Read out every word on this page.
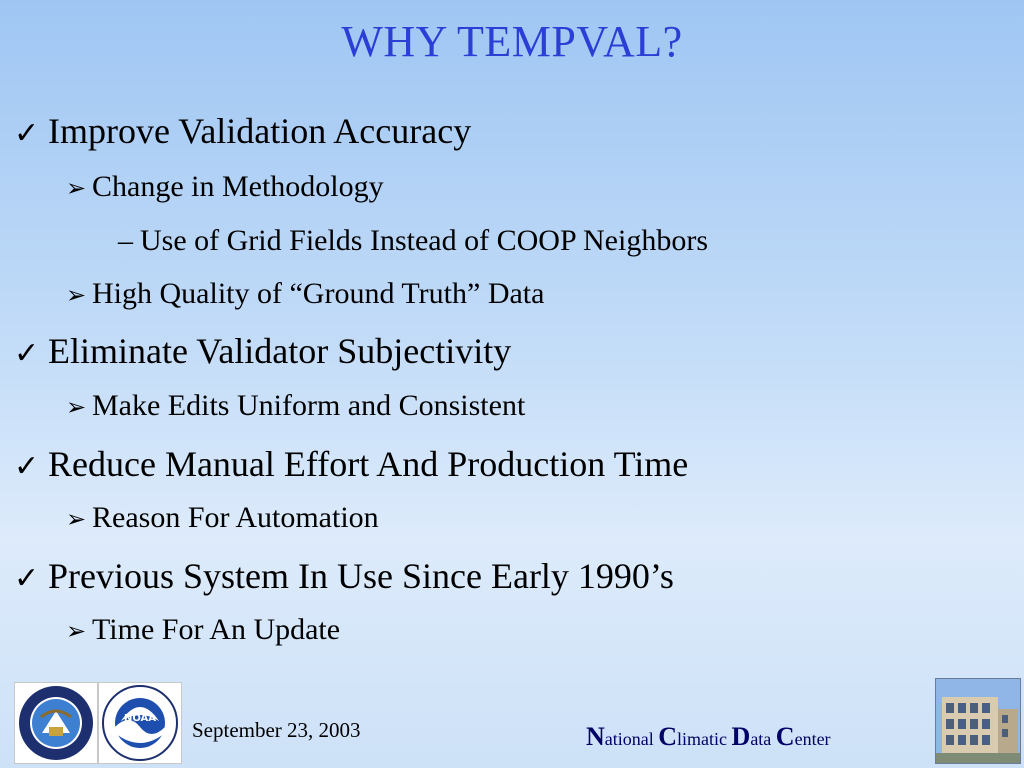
WHY TEMPVAL?
✓ Improve Validation Accuracy
➢ Change in Methodology
– Use of Grid Fields Instead of COOP Neighbors
➢ High Quality of “Ground Truth” Data
✓ Eliminate Validator Subjectivity
➢ Make Edits Uniform and Consistent
✓ Reduce Manual Effort And Production Time
➢ Reason For Automation
✓ Previous System In Use Since Early 1990’s
➢ Time For An Update
NOAA September 23, 2003	National Climatic Data Center
